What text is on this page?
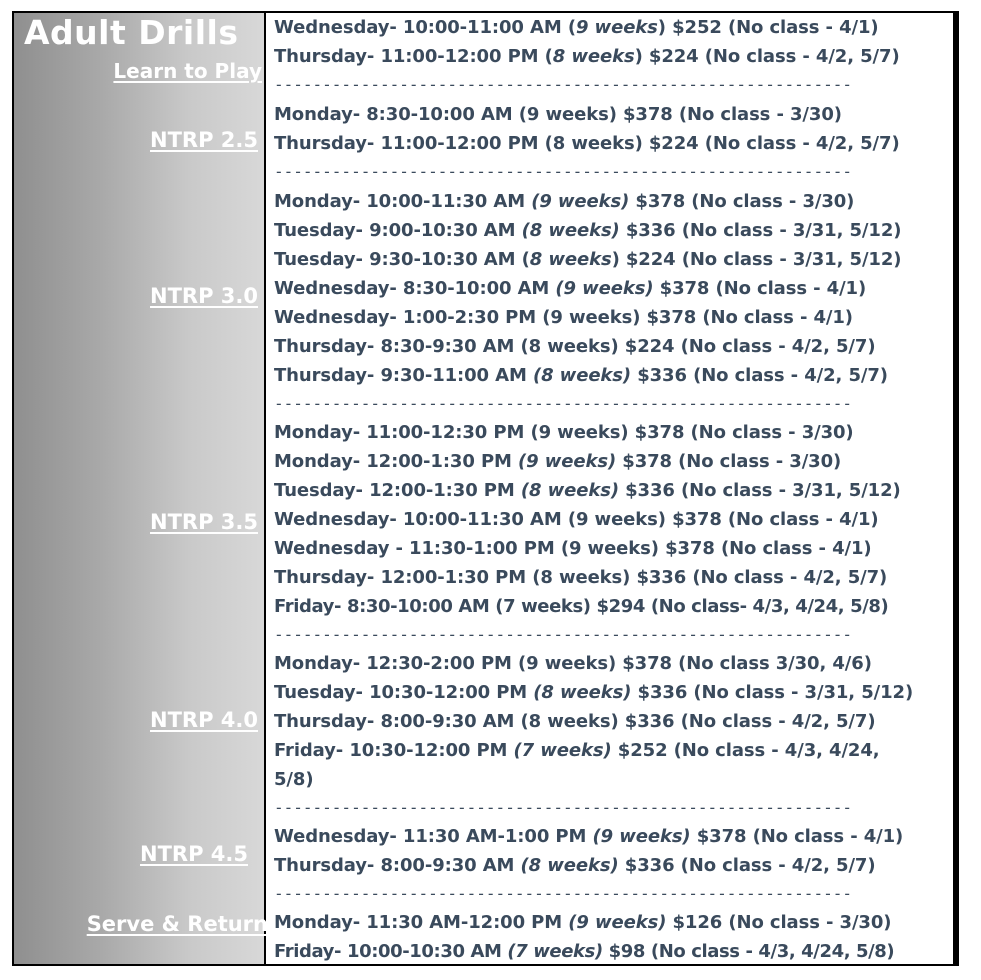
Adult Drills
Learn to Play
NTRP 2.5
NTRP 3.0
NTRP 3.5
NTRP 4.0
NTRP 4.5
Serve & Return

Wednesday- 10:00-11:00 AM (9 weeks) $252 (No class - 4/1)

Thursday- 11:00-12:00 PM (8 weeks) $224 (No class - 4/2, 5/7)

------------------------------------------------------------

Monday- 8:30-10:00 AM (9 weeks) $378 (No class - 3/30)

Thursday- 11:00-12:00 PM (8 weeks) $224 (No class - 4/2, 5/7)

------------------------------------------------------------

Monday- 10:00-11:30 AM (9 weeks) $378 (No class - 3/30)

Tuesday- 9:00-10:30 AM (8 weeks) $336 (No class - 3/31, 5/12)

Tuesday- 9:30-10:30 AM (8 weeks) $224 (No class - 3/31, 5/12)

Wednesday- 8:30-10:00 AM (9 weeks) $378 (No class - 4/1)

Wednesday- 1:00-2:30 PM (9 weeks) $378 (No class - 4/1)

Thursday- 8:30-9:30 AM (8 weeks) $224 (No class - 4/2, 5/7)

Thursday- 9:30-11:00 AM (8 weeks) $336 (No class - 4/2, 5/7)

------------------------------------------------------------

Monday- 11:00-12:30 PM (9 weeks) $378 (No class - 3/30)

Monday- 12:00-1:30 PM (9 weeks) $378 (No class - 3/30)

Tuesday- 12:00-1:30 PM (8 weeks) $336 (No class - 3/31, 5/12)

Wednesday- 10:00-11:30 AM (9 weeks) $378 (No class - 4/1)

Wednesday - 11:30-1:00 PM (9 weeks) $378 (No class - 4/1)

Thursday- 12:00-1:30 PM (8 weeks) $336 (No class - 4/2, 5/7)

Friday- 8:30-10:00 AM (7 weeks) $294 (No class- 4/3, 4/24, 5/8)

------------------------------------------------------------

Monday- 12:30-2:00 PM (9 weeks) $378 (No class 3/30, 4/6)

Tuesday- 10:30-12:00 PM (8 weeks) $336 (No class - 3/31, 5/12)

Thursday- 8:00-9:30 AM (8 weeks) $336 (No class - 4/2, 5/7)

Friday- 10:30-12:00 PM (7 weeks) $252 (No class - 4/3, 4/24,

5/8)

------------------------------------------------------------

Wednesday- 11:30 AM-1:00 PM (9 weeks) $378 (No class - 4/1)

Thursday- 8:00-9:30 AM (8 weeks) $336 (No class - 4/2, 5/7)

------------------------------------------------------------

Monday- 11:30 AM-12:00 PM (9 weeks) $126 (No class - 3/30)

Friday- 10:00-10:30 AM (7 weeks) $98 (No class - 4/3, 4/24, 5/8)
